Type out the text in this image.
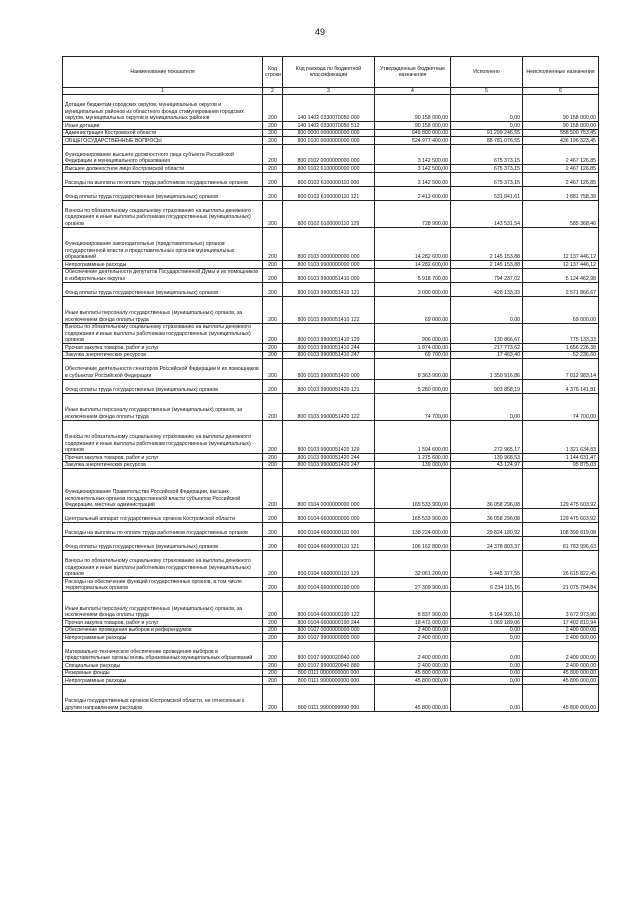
49
Наименование показателя	Код строки	Код расхода по бюджетной классификации	Утвержденные бюджетные назначения	Исполнено	Неисполненные назначения
1	2	3	4	5	6
Дотации бюджетам городских округов, муниципальных округов и муниципальных районов из областного фонда стимулирования городских округов, муниципальных округов и муниципальных районов	200	140 1402 0330070050 000	90 158 000,00	0,00	90 158 000,00
Иные дотации	200	140 1402 0330070050 512	90 158 000,00	0,00	90 158 000,00
Администрация Костромской области	200	800 0000 0000000000 000	649 800 000,00	91 299 246,55	558 500 753,45
ОБЩЕГОСУДАРСТВЕННЫЕ ВОПРОСЫ	200	800 0100 0000000000 000	524 977 400,00	88 781 076,55	436 196 323,45
Функционирование высшего должностного лица субъекта Российской Федерации и муниципального образования	200	800 0102 0000000000 000	3 142 500,00	675 373,15	2 467 126,85
Высшее должностное лицо Костромской области	200	800 0102 6100000000 000	3 142 500,00	675 373,15	2 467 126,85
Расходы на выплаты по оплате труда работников государственных органов	200	800 0102 6100000110 000	3 142 500,00	675 373,15	2 467 126,85
Фонд оплаты труда государственных (муниципальных) органов	200	800 0102 6100000110 121	2 413 600,00	531 841,61	1 881 758,39
Взносы по обязательному социальному страхованию на выплаты денежного содержания и иные выплаты работникам государственных (муниципальных) органов	200	800 0102 6100000110 129	728 900,00	143 531,54	585 368,46
Функционирование законодательных (представительных) органов государственной власти и представительных органов муниципальных образований	200	800 0103 0000000000 000	14 282 600,00	2 145 153,88	12 137 446,12
Непрограммные расходы	200	800 0103 9900000000 000	14 282 600,00	2 145 153,88	12 137 446,12
Обеспечение деятельности депутатов Государственной Думы и их помощников в избирательных округах	200	800 0103 9900051410 000	5 918 700,00	794 237,02	5 124 462,98
Фонд оплаты труда государственных (муниципальных) органов	200	800 0103 9900051410 121	3 000 000,00	428 133,33	2 571 866,67
Иные выплаты персоналу государственных (муниципальных) органов, за исключением фонда оплаты труда	200	800 0103 9900051410 122	69 000,00	0,00	69 000,00
Взносы по обязательному социальному страхованию на выплаты денежного содержания и иные выплаты работникам государственных (муниципальных) органов	200	800 0103 9900051410 129	906 000,00	130 866,67	775 133,33
Прочая закупка товаров, работ и услуг	200	800 0103 9900051410 244	1 874 000,00	217 773,62	1 656 226,38
Закупка энергетических ресурсов	200	800 0103 9900051410 247	69 700,00	17 463,40	52 236,60
Обеспечение деятельности сенаторов Российской Федерации и их помощников в субъектах Российской Федерации	200	800 0103 9900051420 000	8 363 900,00	1 350 916,86	7 012 983,14
Фонд оплаты труда государственных (муниципальных) органов	200	800 0103 9900051420 121	5 280 000,00	903 858,19	4 376 141,81
Иные выплаты персоналу государственных (муниципальных) органов, за исключением фонда оплаты труда	200	800 0103 9900051420 122	74 700,00	0,00	74 700,00
Взносы по обязательному социальному страхованию на выплаты денежного содержания и иные выплаты работникам государственных (муниципальных) органов	200	800 0103 9900051420 129	1 594 600,00	272 965,17	1 321 634,83
Прочая закупка товаров, работ и услуг	200	800 0103 9900051420 244	1 275 600,00	130 968,53	1 144 631,47
Закупка энергетических ресурсов	200	800 0103 9900051420 247	139 000,00	43 124,97	95 875,03
Функционирование Правительства Российской Федерации, высших исполнительных органов государственной власти субъектов Российской Федерации, местных администраций	200	800 0104 0000000000 000	165 533 900,00	36 058 296,08	129 475 603,92
Центральный аппарат государственных органов Костромской области	200	800 0104 6600000000 000	165 533 900,00	36 058 296,08	129 475 603,92
Расходы на выплаты по оплате труда работников государственных органов	200	800 0104 6600000110 000	138 224 000,00	29 824 180,92	108 399 819,08
Фонд оплаты труда государственных (муниципальных) органов	200	800 0104 6600000110 121	106 162 800,00	24 378 803,37	81 783 996,63
Взносы по обязательному социальному страхованию на выплаты денежного содержания и иные выплаты работникам государственных (муниципальных) органов	200	800 0104 6600000110 129	32 061 200,00	5 445 377,55	26 615 822,45
Расходы на обеспечение функций государственных органов, в том числе территориальных органов	200	800 0104 6600000190 000	27 309 900,00	6 234 115,16	21 075 784,84
Иные выплаты персоналу государственных (муниципальных) органов, за исключением фонда оплаты труда	200	800 0104 6600000190 122	8 837 900,00	5 164 926,10	3 672 973,90
Прочая закупка товаров, работ и услуг	200	800 0104 6600000190 244	18 472 000,00	1 069 189,06	17 402 810,94
Обеспечение проведения выборов и референдумов	200	800 0107 0000000000 000	2 400 000,00	0,00	2 400 000,00
Непрограммные расходы	200	800 0107 9900000000 000	2 400 000,00	0,00	2 400 000,00
Материально-техническое обеспечение проведения выборов в представительные органы вновь образованных муниципальных образований	200	800 0107 9900020940 000	2 400 000,00	0,00	2 400 000,00
Специальные расходы	200	800 0107 9900020940 880	2 400 000,00	0,00	2 400 000,00
Резервные фонды	200	800 0111 0000000000 000	45 800 000,00	0,00	45 800 000,00
Непрограммные расходы	200	800 0111 9900000000 000	45 800 000,00	0,00	45 800 000,00
Расходы государственных органов Костромской области, не отнесенные к другим направлениям расходов	200	800 0111 9900099990 000	45 800 000,00	0,00	45 800 000,00
